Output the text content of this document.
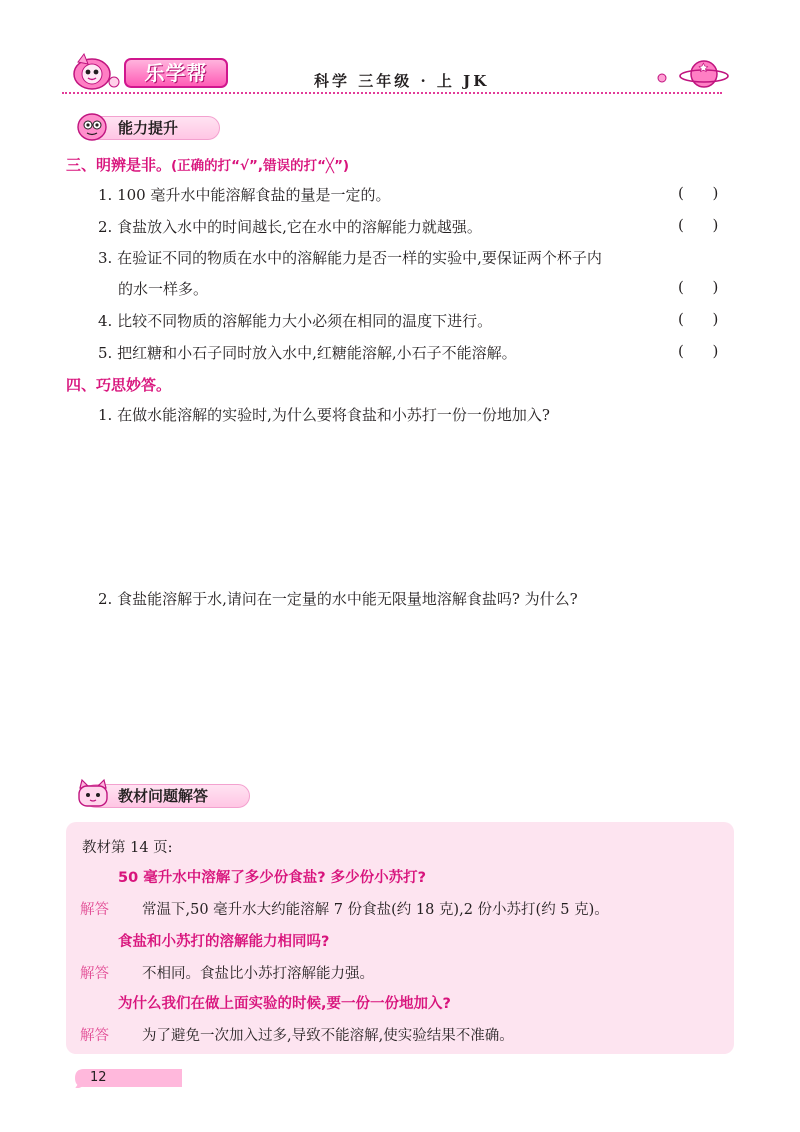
乐学帮	科学 三年级 · 上 JK
能力提升
三、明辨是非。(正确的打“√”,错误的打“╳”)
1. 100 毫升水中能溶解食盐的量是一定的。	(      )
2. 食盐放入水中的时间越长,它在水中的溶解能力就越强。	(      )
3. 在验证不同的物质在水中的溶解能力是否一样的实验中,要保证两个杯子内
的水一样多。	(      )
4. 比较不同物质的溶解能力大小必须在相同的温度下进行。	(      )
5. 把红糖和小石子同时放入水中,红糖能溶解,小石子不能溶解。	(      )
四、巧思妙答。
1. 在做水能溶解的实验时,为什么要将食盐和小苏打一份一份地加入?
2. 食盐能溶解于水,请问在一定量的水中能无限量地溶解食盐吗? 为什么?
教材问题解答
教材第 14 页:
50 毫升水中溶解了多少份食盐? 多少份小苏打?
解答 常温下,50 毫升水大约能溶解 7 份食盐(约 18 克),2 份小苏打(约 5 克)。
食盐和小苏打的溶解能力相同吗?
解答 不相同。食盐比小苏打溶解能力强。
为什么我们在做上面实验的时候,要一份一份地加入?
解答 为了避免一次加入过多,导致不能溶解,使实验结果不准确。
12
